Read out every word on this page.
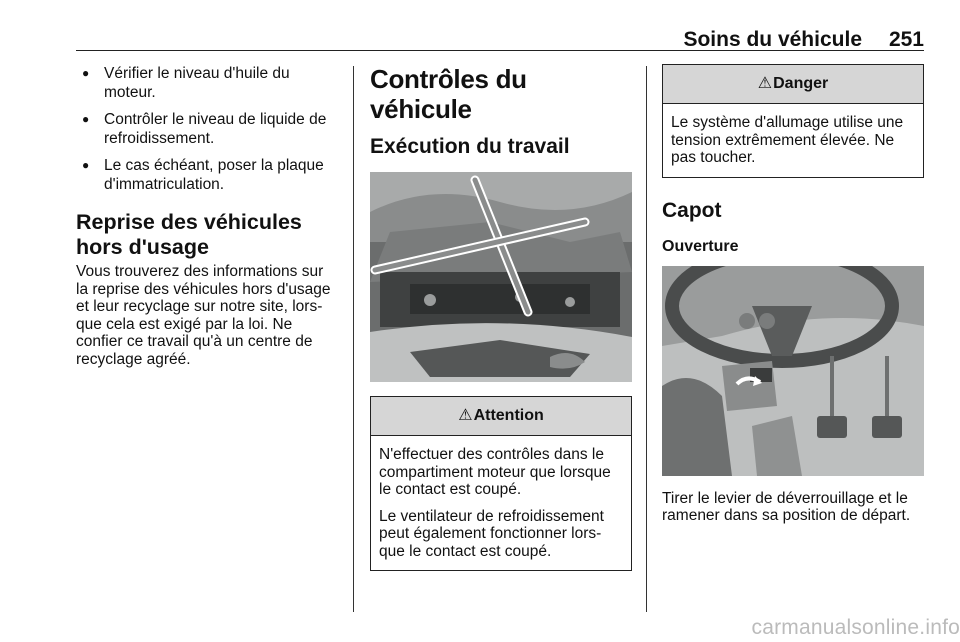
Soins du véhicule 251
● Vérifier le niveau d'huile du moteur.
● Contrôler le niveau de liquide de refroidissement.
● Le cas échéant, poser la plaque d'immatriculation.
Reprise des véhicules hors d'usage

Vous trouverez des informations sur la reprise des véhicules hors d'usage et leur recyclage sur notre site, lors-que cela est exigé par la loi. Ne confier ce travail qu'à un centre de recyclage agréé.

Contrôles du véhicule
Exécution du travail
⚠Attention

N'effectuer des contrôles dans le compartiment moteur que lorsque le contact est coupé.

Le ventilateur de refroidissement peut également fonctionner lors-que le contact est coupé.

⚠Danger

Le système d'allumage utilise une tension extrêmement élevée. Ne pas toucher.

Capot
Ouverture

Tirer le levier de déverrouillage et le ramener dans sa position de départ.

carmanualsonline.info
